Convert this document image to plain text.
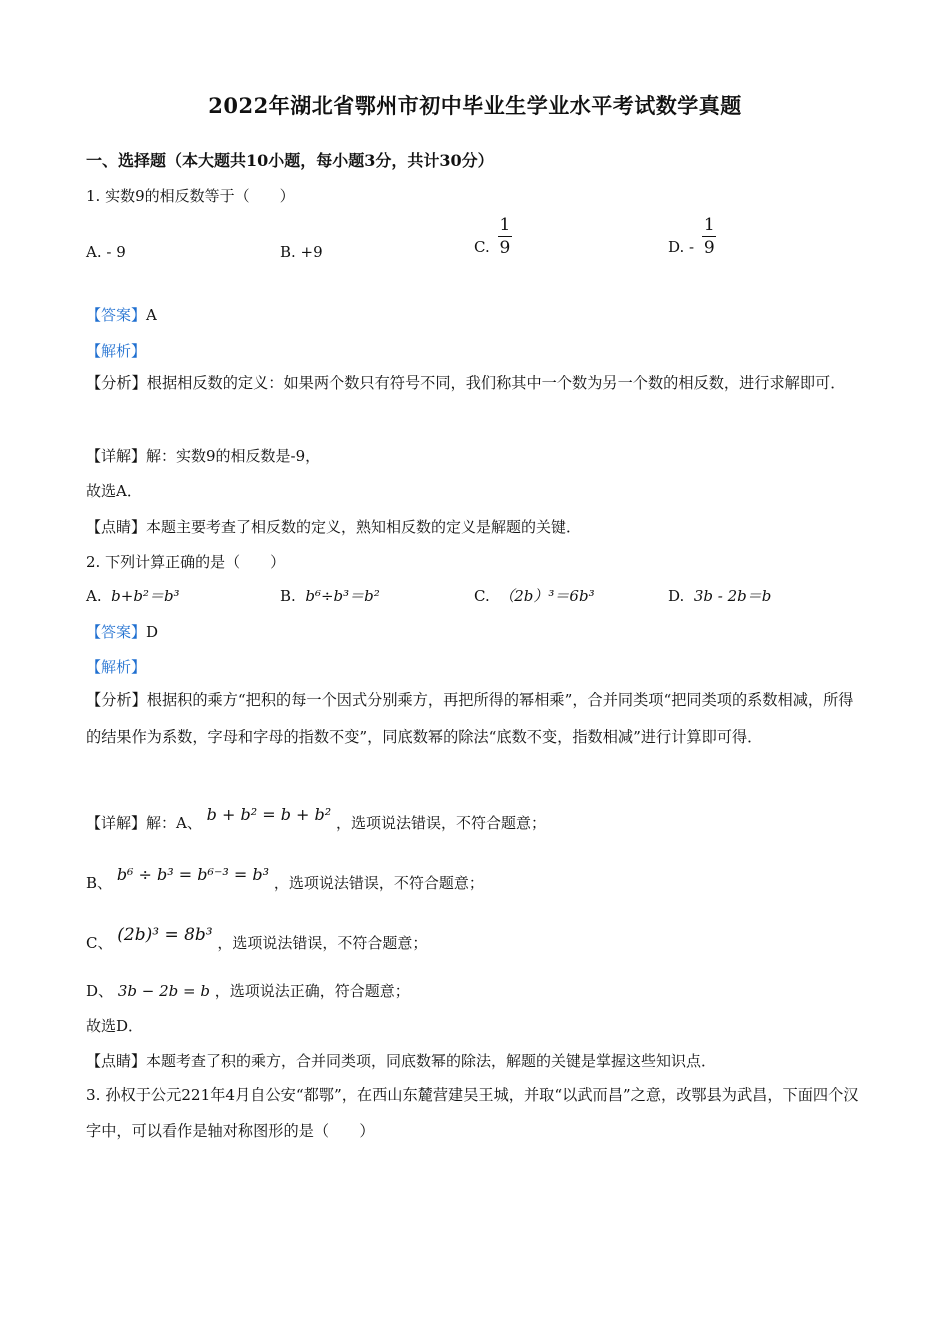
2022年湖北省鄂州市初中毕业生学业水平考试数学真题
一、选择题（本大题共10小题，每小题3分，共计30分）
1. 实数9的相反数等于（　　）
A. - 9	B. +9	C. $\frac{1}{9}$	D. - $\frac{1}{9}$
【答案】A
【解析】
【分析】根据相反数的定义：如果两个数只有符号不同，我们称其中一个数为另一个数的相反数，进行求解即可．
【详解】解：实数9的相反数是-9，
故选A．
【点睛】本题主要考查了相反数的定义，熟知相反数的定义是解题的关键．
2. 下列计算正确的是（　　）
A. b+b²＝b³	B. b⁶÷b³＝b²	C. （2b）³＝6b³	D. 3b - 2b＝b
【答案】D
【解析】
【分析】根据积的乘方“把积的每一个因式分别乘方，再把所得的幂相乘”，合并同类项“把同类项的系数相减，所得的结果作为系数，字母和字母的指数不变”，同底数幂的除法“底数不变，指数相减”进行计算即可得．
【详解】解：A、 b + b² = b + b² ，选项说法错误，不符合题意；
B、 b⁶ ÷ b³ = b⁶⁻³ = b³ ，选项说法错误，不符合题意；
C、 (2b)³ = 8b³ ，选项说法错误，不符合题意；
D、 3b − 2b = b ，选项说法正确，符合题意；
故选D．
【点睛】本题考查了积的乘方，合并同类项，同底数幂的除法，解题的关键是掌握这些知识点．
3. 孙权于公元221年4月自公安“都鄂”，在西山东麓营建吴王城，并取“以武而昌”之意，改鄂县为武昌，下面四个汉字中，可以看作是轴对称图形的是（　　）
